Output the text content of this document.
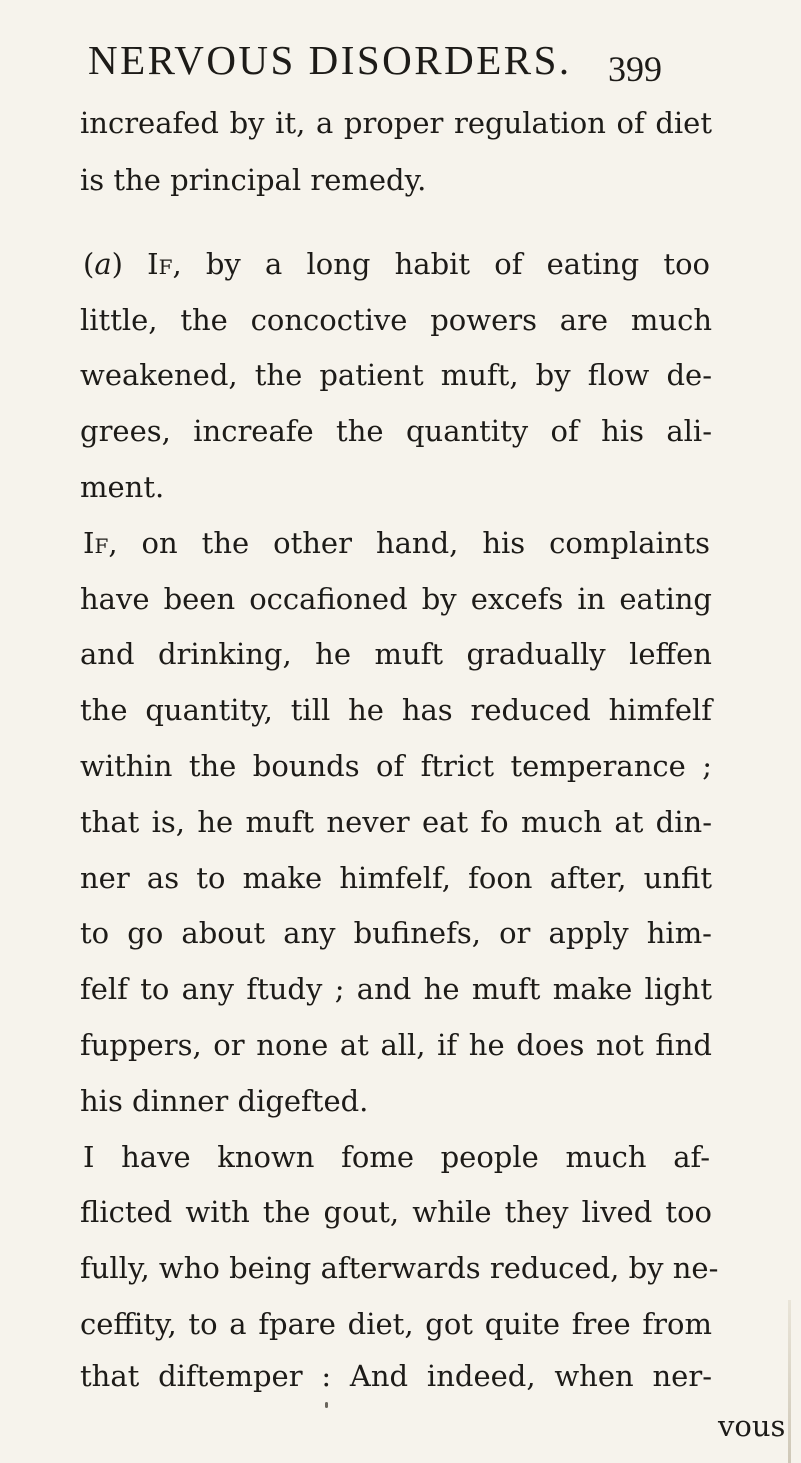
NERVOUS DISORDERS. 399
increafed by it, a proper regulation of diet
is the principal remedy.
(a) If, by a long habit of eating too
little, the concoctive powers are much
weakened, the patient muft, by flow de-
grees, increafe the quantity of his ali-
ment.
If, on the other hand, his complaints
have been occafioned by excefs in eating
and drinking, he muft gradually leffen
the quantity, till he has reduced himfelf
within the bounds of ftrict temperance ;
that is, he muft never eat fo much at din-
ner as to make himfelf, foon after, unfit
to go about any bufinefs, or apply him-
felf to any ftudy ; and he muft make light
fuppers, or none at all, if he does not find
his dinner digefted.
I have known fome people much af-
flicted with the gout, while they lived too
fully, who being afterwards reduced, by ne-
ceffity, to a fpare diet, got quite free from
that diftemper : And indeed, when ner-
vous
